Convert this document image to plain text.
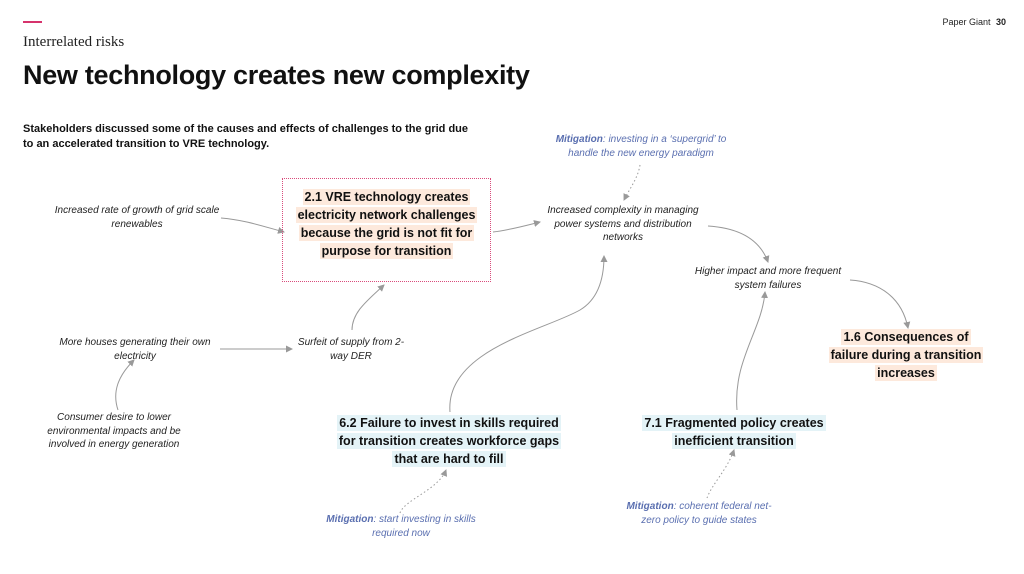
Interrelated risks
New technology creates new complexity
Paper Giant 30
Stakeholders discussed some of the causes and effects of challenges to the grid due to an accelerated transition to VRE technology.
Increased rate of growth of grid scale renewables
More houses generating their own electricity
Consumer desire to lower environmental impacts and be involved in energy generation
Surfeit of supply from 2-way DER
Increased complexity in managing power systems and distribution networks
Higher impact and more frequent system failures
2.1 VRE technology creates electricity network challenges because the grid is not fit for purpose for transition
6.2 Failure to invest in skills required for transition creates workforce gaps that are hard to fill
7.1 Fragmented policy creates inefficient transition
1.6 Consequences of failure during a transition increases
Mitigation: investing in a ‘supergrid’ to handle the new energy paradigm
Mitigation: start investing in skills required now
Mitigation: coherent federal net-zero policy to guide states
